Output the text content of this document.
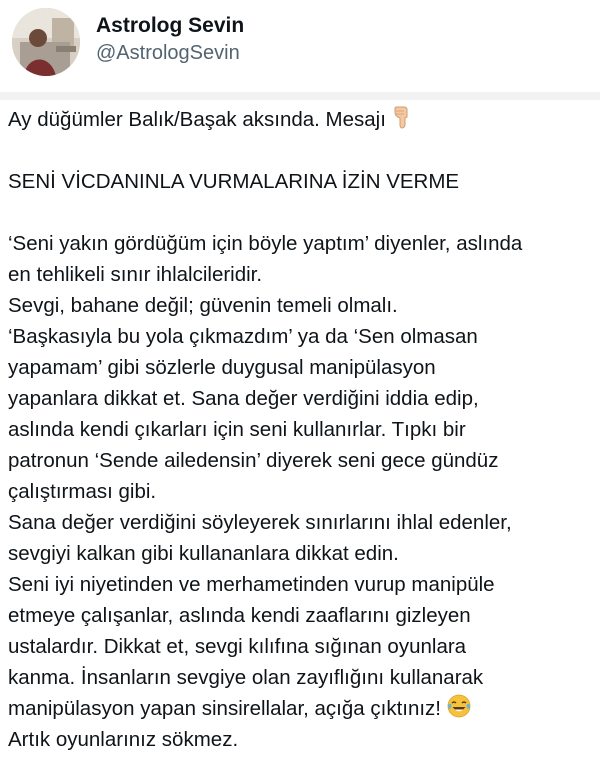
Astrolog Sevin
@AstrologSevin
Ay düğümler Balık/Başak aksında. Mesajı
SENİ VİCDANINLA VURMALARINA İZİN VERME
‘Seni yakın gördüğüm için böyle yaptım’ diyenler, aslında
en tehlikeli sınır ihlalcileridir.
Sevgi, bahane değil; güvenin temeli olmalı.
‘Başkasıyla bu yola çıkmazdım’ ya da ‘Sen olmasan
yapamam’ gibi sözlerle duygusal manipülasyon
yapanlara dikkat et. Sana değer verdiğini iddia edip,
aslında kendi çıkarları için seni kullanırlar. Tıpkı bir
patronun ‘Sende ailedensin’ diyerek seni gece gündüz
çalıştırması gibi.
Sana değer verdiğini söyleyerek sınırlarını ihlal edenler,
sevgiyi kalkan gibi kullananlara dikkat edin.
Seni iyi niyetinden ve merhametinden vurup manipüle
etmeye çalışanlar, aslında kendi zaaflarını gizleyen
ustalardır. Dikkat et, sevgi kılıfına sığınan oyunlara
kanma. İnsanların sevgiye olan zayıflığını kullanarak
manipülasyon yapan sinsirellalar, açığa çıktınız!
Artık oyunlarınız sökmez.
